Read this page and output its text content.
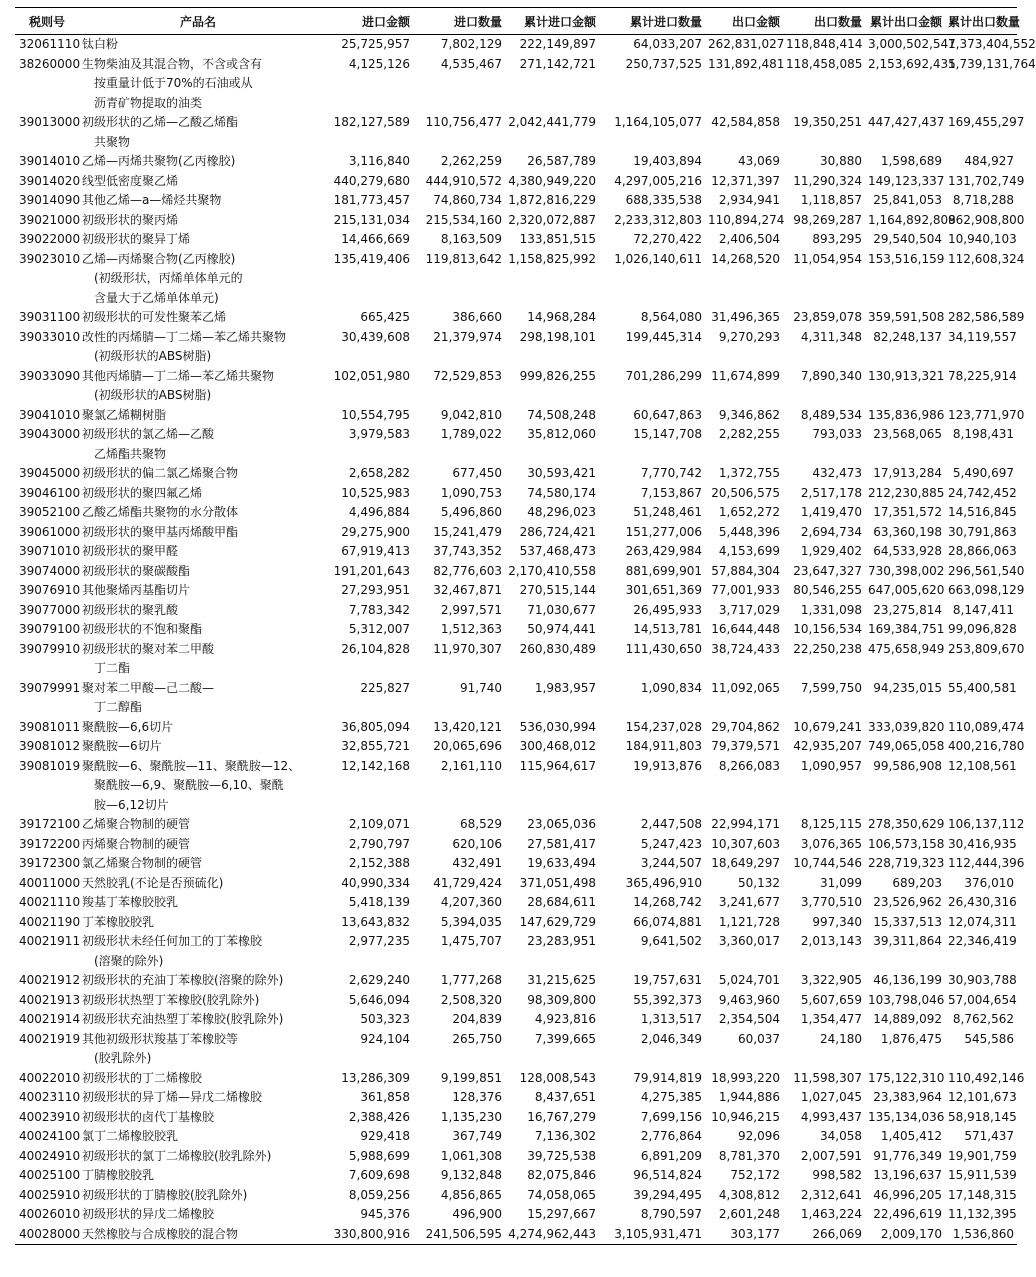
税则号	产品名	进口金额	进口数量	累计进口金额	累计进口数量	出口金额	出口数量	累计出口金额	累计出口数量
32061110	钛白粉	25,725,957	7,802,129	222,149,897	64,033,207	262,831,027	118,848,414	3,000,502,547	1,373,404,552
38260000	生物柴油及其混合物，不含或含有
按重量计低于70%的石油或从
沥青矿物提取的油类	4,125,126	4,535,467	271,142,721	250,737,525	131,892,481	118,458,085	2,153,692,435	1,739,131,764
39013000	初级形状的乙烯—乙酸乙烯酯
共聚物	182,127,589	110,756,477	2,042,441,779	1,164,105,077	42,584,858	19,350,251	447,427,437	169,455,297
39014010	乙烯—丙烯共聚物(乙丙橡胶)	3,116,840	2,262,259	26,587,789	19,403,894	43,069	30,880	1,598,689	484,927
39014020	线型低密度聚乙烯	440,279,680	444,910,572	4,380,949,220	4,297,005,216	12,371,397	11,290,324	149,123,337	131,702,749
39014090	其他乙烯—a—烯烃共聚物	181,773,457	74,860,734	1,872,816,229	688,335,538	2,934,941	1,118,857	25,841,053	8,718,288
39021000	初级形状的聚丙烯	215,131,034	215,534,160	2,320,072,887	2,233,312,803	110,894,274	98,269,287	1,164,892,808	962,908,800
39022000	初级形状的聚异丁烯	14,466,669	8,163,509	133,851,515	72,270,422	2,406,504	893,295	29,540,504	10,940,103
39023010	乙烯—丙烯聚合物(乙丙橡胶)
(初级形状，丙烯单体单元的
含量大于乙烯单体单元)	135,419,406	119,813,642	1,158,825,992	1,026,140,611	14,268,520	11,054,954	153,516,159	112,608,324
39031100	初级形状的可发性聚苯乙烯	665,425	386,660	14,968,284	8,564,080	31,496,365	23,859,078	359,591,508	282,586,589
39033010	改性的丙烯腈—丁二烯—苯乙烯共聚物
(初级形状的ABS树脂)	30,439,608	21,379,974	298,198,101	199,445,314	9,270,293	4,311,348	82,248,137	34,119,557
39033090	其他丙烯腈—丁二烯—苯乙烯共聚物
(初级形状的ABS树脂)	102,051,980	72,529,853	999,826,255	701,286,299	11,674,899	7,890,340	130,913,321	78,225,914
39041010	聚氯乙烯糊树脂	10,554,795	9,042,810	74,508,248	60,647,863	9,346,862	8,489,534	135,836,986	123,771,970
39043000	初级形状的氯乙烯—乙酸
乙烯酯共聚物	3,979,583	1,789,022	35,812,060	15,147,708	2,282,255	793,033	23,568,065	8,198,431
39045000	初级形状的偏二氯乙烯聚合物	2,658,282	677,450	30,593,421	7,770,742	1,372,755	432,473	17,913,284	5,490,697
39046100	初级形状的聚四氟乙烯	10,525,983	1,090,753	74,580,174	7,153,867	20,506,575	2,517,178	212,230,885	24,742,452
39052100	乙酸乙烯酯共聚物的水分散体	4,496,884	5,496,860	48,296,023	51,248,461	1,652,272	1,419,470	17,351,572	14,516,845
39061000	初级形状的聚甲基丙烯酸甲酯	29,275,900	15,241,479	286,724,421	151,277,006	5,448,396	2,694,734	63,360,198	30,791,863
39071010	初级形状的聚甲醛	67,919,413	37,743,352	537,468,473	263,429,984	4,153,699	1,929,402	64,533,928	28,866,063
39074000	初级形状的聚碳酸酯	191,201,643	82,776,603	2,170,410,558	881,699,901	57,884,304	23,647,327	730,398,002	296,561,540
39076910	其他聚烯丙基酯切片	27,293,951	32,467,871	270,515,144	301,651,369	77,001,933	80,546,255	647,005,620	663,098,129
39077000	初级形状的聚乳酸	7,783,342	2,997,571	71,030,677	26,495,933	3,717,029	1,331,098	23,275,814	8,147,411
39079100	初级形状的不饱和聚酯	5,312,007	1,512,363	50,974,441	14,513,781	16,644,448	10,156,534	169,384,751	99,096,828
39079910	初级形状的聚对苯二甲酸
丁二酯	26,104,828	11,970,307	260,830,489	111,430,650	38,724,433	22,250,238	475,658,949	253,809,670
39079991	聚对苯二甲酸—己二酸—
丁二醇酯	225,827	91,740	1,983,957	1,090,834	11,092,065	7,599,750	94,235,015	55,400,581
39081011	聚酰胺—6,6切片	36,805,094	13,420,121	536,030,994	154,237,028	29,704,862	10,679,241	333,039,820	110,089,474
39081012	聚酰胺—6切片	32,855,721	20,065,696	300,468,012	184,911,803	79,379,571	42,935,207	749,065,058	400,216,780
39081019	聚酰胺—6、聚酰胺—11、聚酰胺—12、
聚酰胺—6,9、聚酰胺—6,10、聚酰
胺—6,12切片	12,142,168	2,161,110	115,964,617	19,913,876	8,266,083	1,090,957	99,586,908	12,108,561
39172100	乙烯聚合物制的硬管	2,109,071	68,529	23,065,036	2,447,508	22,994,171	8,125,115	278,350,629	106,137,112
39172200	丙烯聚合物制的硬管	2,790,797	620,106	27,581,417	5,247,423	10,307,603	3,076,365	106,573,158	30,416,935
39172300	氯乙烯聚合物制的硬管	2,152,388	432,491	19,633,494	3,244,507	18,649,297	10,744,546	228,719,323	112,444,396
40011000	天然胶乳(不论是否预硫化)	40,990,334	41,729,424	371,051,498	365,496,910	50,132	31,099	689,203	376,010
40021110	羧基丁苯橡胶胶乳	5,418,139	4,207,360	28,684,611	14,268,742	3,241,677	3,770,510	23,526,962	26,430,316
40021190	丁苯橡胶胶乳	13,643,832	5,394,035	147,629,729	66,074,881	1,121,728	997,340	15,337,513	12,074,311
40021911	初级形状未经任何加工的丁苯橡胶
(溶聚的除外)	2,977,235	1,475,707	23,283,951	9,641,502	3,360,017	2,013,143	39,311,864	22,346,419
40021912	初级形状的充油丁苯橡胶(溶聚的除外)	2,629,240	1,777,268	31,215,625	19,757,631	5,024,701	3,322,905	46,136,199	30,903,788
40021913	初级形状热塑丁苯橡胶(胶乳除外)	5,646,094	2,508,320	98,309,800	55,392,373	9,463,960	5,607,659	103,798,046	57,004,654
40021914	初级形状充油热塑丁苯橡胶(胶乳除外)	503,323	204,839	4,923,816	1,313,517	2,354,504	1,354,477	14,889,092	8,762,562
40021919	其他初级形状羧基丁苯橡胶等
(胶乳除外)	924,104	265,750	7,399,665	2,046,349	60,037	24,180	1,876,475	545,586
40022010	初级形状的丁二烯橡胶	13,286,309	9,199,851	128,008,543	79,914,819	18,993,220	11,598,307	175,122,310	110,492,146
40023110	初级形状的异丁烯—异戊二烯橡胶	361,858	128,376	8,437,651	4,275,385	1,944,886	1,027,045	23,383,964	12,101,673
40023910	初级形状的卤代丁基橡胶	2,388,426	1,135,230	16,767,279	7,699,156	10,946,215	4,993,437	135,134,036	58,918,145
40024100	氯丁二烯橡胶胶乳	929,418	367,749	7,136,302	2,776,864	92,096	34,058	1,405,412	571,437
40024910	初级形状的氯丁二烯橡胶(胶乳除外)	5,988,699	1,061,308	39,725,538	6,891,209	8,781,370	2,007,591	91,776,349	19,901,759
40025100	丁腈橡胶胶乳	7,609,698	9,132,848	82,075,846	96,514,824	752,172	998,582	13,196,637	15,911,539
40025910	初级形状的丁腈橡胶(胶乳除外)	8,059,256	4,856,865	74,058,065	39,294,495	4,308,812	2,312,641	46,996,205	17,148,315
40026010	初级形状的异戊二烯橡胶	945,376	496,900	15,297,667	8,790,597	2,601,248	1,463,224	22,496,619	11,132,395
40028000	天然橡胶与合成橡胶的混合物	330,800,916	241,506,595	4,274,962,443	3,105,931,471	303,177	266,069	2,009,170	1,536,860
